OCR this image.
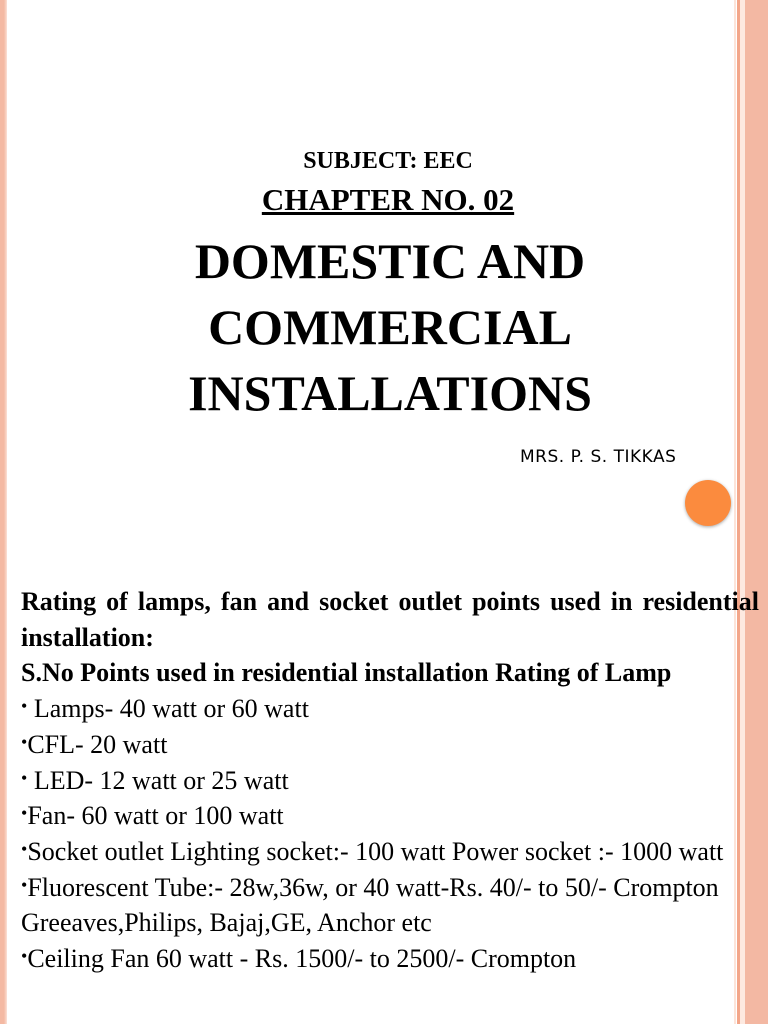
SUBJECT: EEC
CHAPTER NO. 02
DOMESTIC AND
COMMERCIAL
INSTALLATIONS
MRS. P. S. TIKKAS
Rating of lamps, fan and socket outlet points used in residential installation:
S.No Points used in residential installation Rating of Lamp
• Lamps- 40 watt or 60 watt
•CFL- 20 watt
• LED- 12 watt or 25 watt
•Fan- 60 watt or 100 watt
•Socket outlet Lighting socket:- 100 watt Power socket :- 1000 watt
•Fluorescent Tube:- 28w,36w, or 40 watt-Rs. 40/- to 50/- Crompton Greeaves,Philips, Bajaj,GE, Anchor etc
•Ceiling Fan 60 watt - Rs. 1500/- to 2500/- Crompton
